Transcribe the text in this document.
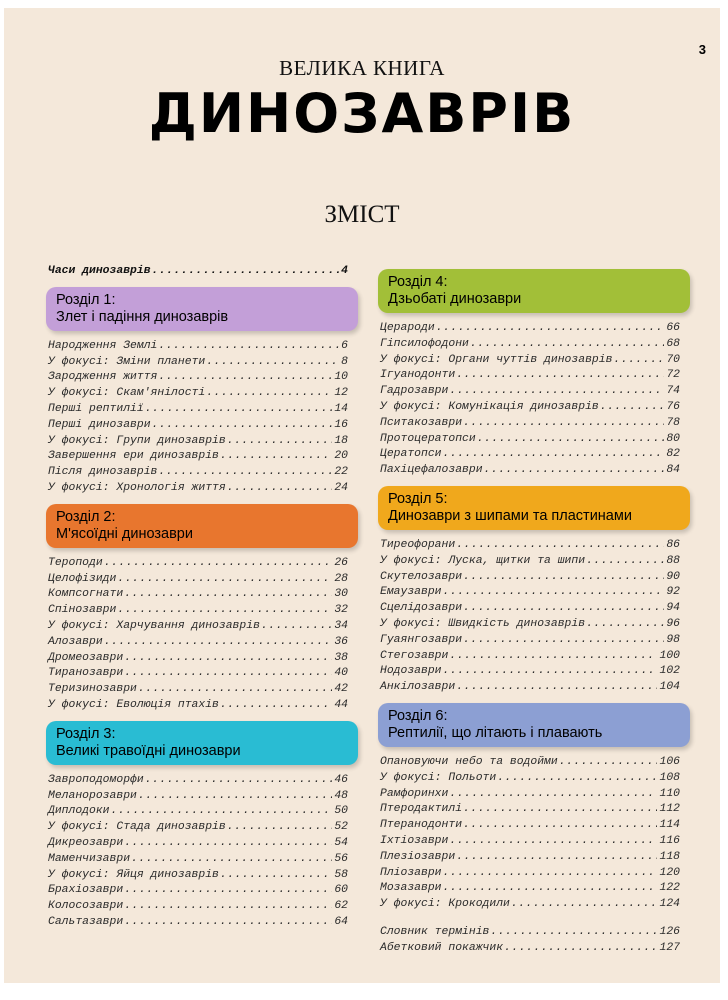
3
ВЕЛИКА КНИГА
ДИНОЗАВРІВ
ЗМІСТ
Часи динозаврів .....	4
Розділ 1:
Злет і падіння динозаврів
Народження Землі .....	6
У фокусі: Зміни планети .....	8
Зародження життя .....	10
У фокусі: Скам'янілості .....	12
Перші рептилії .....	14
Перші динозаври .....	16
У фокусі: Групи динозаврів .....	18
Завершення ери динозаврів .....	20
Після динозаврів .....	22
У фокусі: Хронологія життя .....	24
Розділ 2:
М'ясоїдні динозаври
Тероподи .....	26
Целофізиди .....	28
Компсогнати .....	30
Спінозаври .....	32
У фокусі: Харчування динозаврів .....	34
Алозаври .....	36
Дромеозаври .....	38
Тиранозаври .....	40
Теризинозаври .....	42
У фокусі: Еволюція птахів .....	44
Розділ 3:
Великі травоїдні динозаври
Завроподоморфи .....	46
Меланорозаври .....	48
Диплодоки .....	50
У фокусі: Стада динозаврів .....	52
Дикреозаври .....	54
Маменчизаври .....	56
У фокусі: Яйця динозаврів .....	58
Брахіозаври .....	60
Колосозаври .....	62
Сальтазаври .....	64
Розділ 4:
Дзьобаті динозаври
Церароди .....	66
Гіпсилофодони .....	68
У фокусі: Органи чуттів динозаврів .....	70
Ігуанодонти .....	72
Гадрозаври .....	74
У фокусі: Комунікація динозаврів .....	76
Пситакозаври .....	78
Протоцератопси .....	80
Цератопси .....	82
Пахіцефалозаври .....	84
Розділ 5:
Динозаври з шипами та пластинами
Тиреофорани .....	86
У фокусі: Луска, щитки та шипи .....	88
Скутелозаври .....	90
Емаузаври .....	92
Сцелідозаври .....	94
У фокусі: Швидкість динозаврів .....	96
Гуаянгозаври .....	98
Стегозаври .....	100
Нодозаври .....	102
Анкілозаври .....	104
Розділ 6:
Рептилії, що літають і плавають
Опановуючи небо та водойми .....	106
У фокусі: Польоти .....	108
Рамфоринхи .....	110
Птеродактилі .....	112
Птеранодонти .....	114
Іхтіозаври .....	116
Плезіозаври .....	118
Пліозаври .....	120
Мозазаври .....	122
У фокусі: Крокодили .....	124
Словник термінів .....	126
Абетковий покажчик .....	127
